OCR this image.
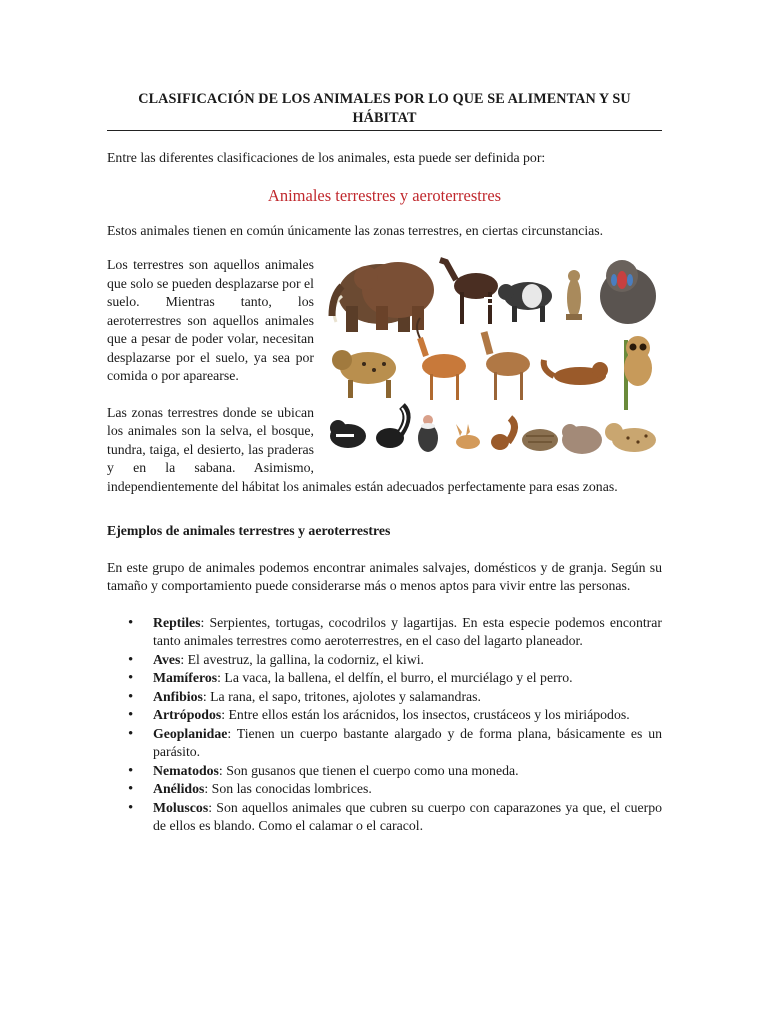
CLASIFICACIÓN DE LOS ANIMALES POR LO QUE SE ALIMENTAN Y SU HÁBITAT

Entre las diferentes clasificaciones de los animales, esta puede ser definida por:

Animales terrestres y aeroterrestres

Estos animales tienen en común únicamente las zonas terrestres, en ciertas circunstancias.

Los terrestres son aquellos animales que solo se pueden desplazarse por el suelo. Mientras tanto, los aeroterrestres son aquellos animales que a pesar de poder volar, necesitan desplazarse por el suelo, ya sea por comida o por aparearse.

Las zonas terrestres donde se ubican los animales son la selva, el bosque, tundra, taiga, el desierto, las praderas y en la sabana. Asimismo, independientemente del hábitat los animales están adecuados perfectamente para esas zonas.

Ejemplos de animales terrestres y aeroterrestres

En este grupo de animales podemos encontrar animales salvajes, domésticos y de granja. Según su tamaño y comportamiento puede considerarse más o menos aptos para vivir entre las personas.

• Reptiles: Serpientes, tortugas, cocodrilos y lagartijas. En esta especie podemos encontrar tanto animales terrestres como aeroterrestres, en el caso del lagarto planeador.
• Aves: El avestruz, la gallina, la codorniz, el kiwi.
• Mamíferos: La vaca, la ballena, el delfín, el burro, el murciélago y el perro.
• Anfibios: La rana, el sapo, tritones, ajolotes y salamandras.
• Artrópodos: Entre ellos están los arácnidos, los insectos, crustáceos y los miriápodos.
• Geoplanidae: Tienen un cuerpo bastante alargado y de forma plana, básicamente es un parásito.
• Nematodos: Son gusanos que tienen el cuerpo como una moneda.
• Anélidos: Son las conocidas lombrices.
• Moluscos: Son aquellos animales que cubren su cuerpo con caparazones ya que, el cuerpo de ellos es blando. Como el calamar o el caracol.
